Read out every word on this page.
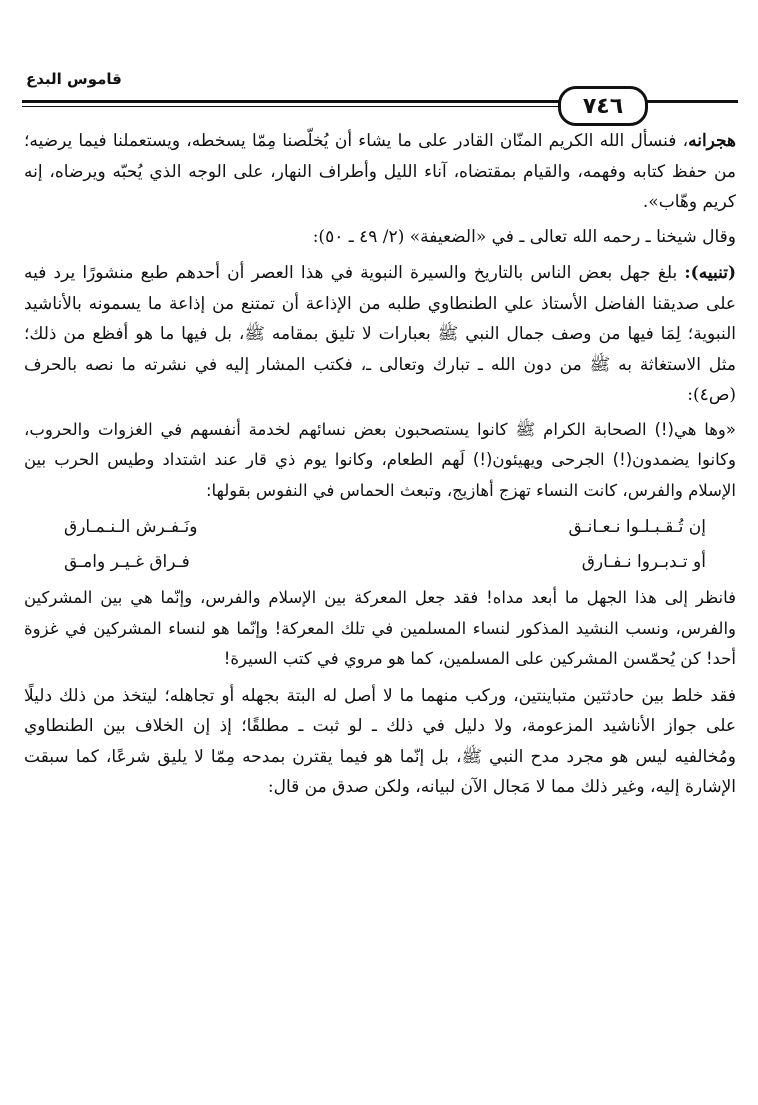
قاموس البدع
٧٤٦

هجرانه، فنسأل الله الكريم المنّان القادر على ما يشاء أن يُخلّصنا مِمّا يسخطه، ويستعملنا فيما يرضيه؛ من حفظ كتابه وفهمه، والقيام بمقتضاه، آناء الليل وأطراف النهار، على الوجه الذي يُحبّه ويرضاه، إنه كريم وهّاب».

وقال شيخنا ـ رحمه الله تعالى ـ في «الضعيفة» (٢/ ٤٩ ـ ٥٠):

(تنبيه): بلغ جهل بعض الناس بالتاريخ والسيرة النبوية في هذا العصر أن أحدهم طبع منشورًا يرد فيه على صديقنا الفاضل الأستاذ علي الطنطاوي طلبه من الإذاعة أن تمتنع من إذاعة ما يسمونه بالأناشيد النبوية؛ لِمَا فيها من وصف جمال النبي ﷺ بعبارات لا تليق بمقامه ﷺ، بل فيها ما هو أفظع من ذلك؛ مثل الاستغاثة به ﷺ من دون الله ـ تبارك وتعالى ـ، فكتب المشار إليه في نشرته ما نصه بالحرف (ص٤):

«وها هي(!) الصحابة الكرام ﷺ كانوا يستصحبون بعض نسائهم لخدمة أنفسهم في الغزوات والحروب، وكانوا يضمدون(!) الجرحى ويهيئون(!) لَهم الطعام، وكانوا يوم ذي قار عند اشتداد وطيس الحرب بين الإسلام والفرس، كانت النساء تهزج أهازيج، وتبعث الحماس في النفوس بقولها:

إن تُـقـبـلـوا نـعـانـق
ونَـفـرش الـنـمـارق
أو تـدبـروا نـفـارق
فـراق غـيـر وامـق

فانظر إلى هذا الجهل ما أبعد مداه! فقد جعل المعركة بين الإسلام والفرس، وإنّما هي بين المشركين والفرس، ونسب النشيد المذكور لنساء المسلمين في تلك المعركة! وإنّما هو لنساء المشركين في غزوة أحد! كن يُحمّسن المشركين على المسلمين، كما هو مروي في كتب السيرة!

فقد خلط بين حادثتين متباينتين، وركب منهما ما لا أصل له البتة بجهله أو تجاهله؛ ليتخذ من ذلك دليلًا على جواز الأناشيد المزعومة، ولا دليل في ذلك ـ لو ثبت ـ مطلقًا؛ إذ إن الخلاف بين الطنطاوي ومُخالفيه ليس هو مجرد مدح النبي ﷺ، بل إنّما هو فيما يقترن بمدحه مِمّا لا يليق شرعًا، كما سبقت الإشارة إليه، وغير ذلك مما لا مَجال الآن لبيانه، ولكن صدق من قال:
